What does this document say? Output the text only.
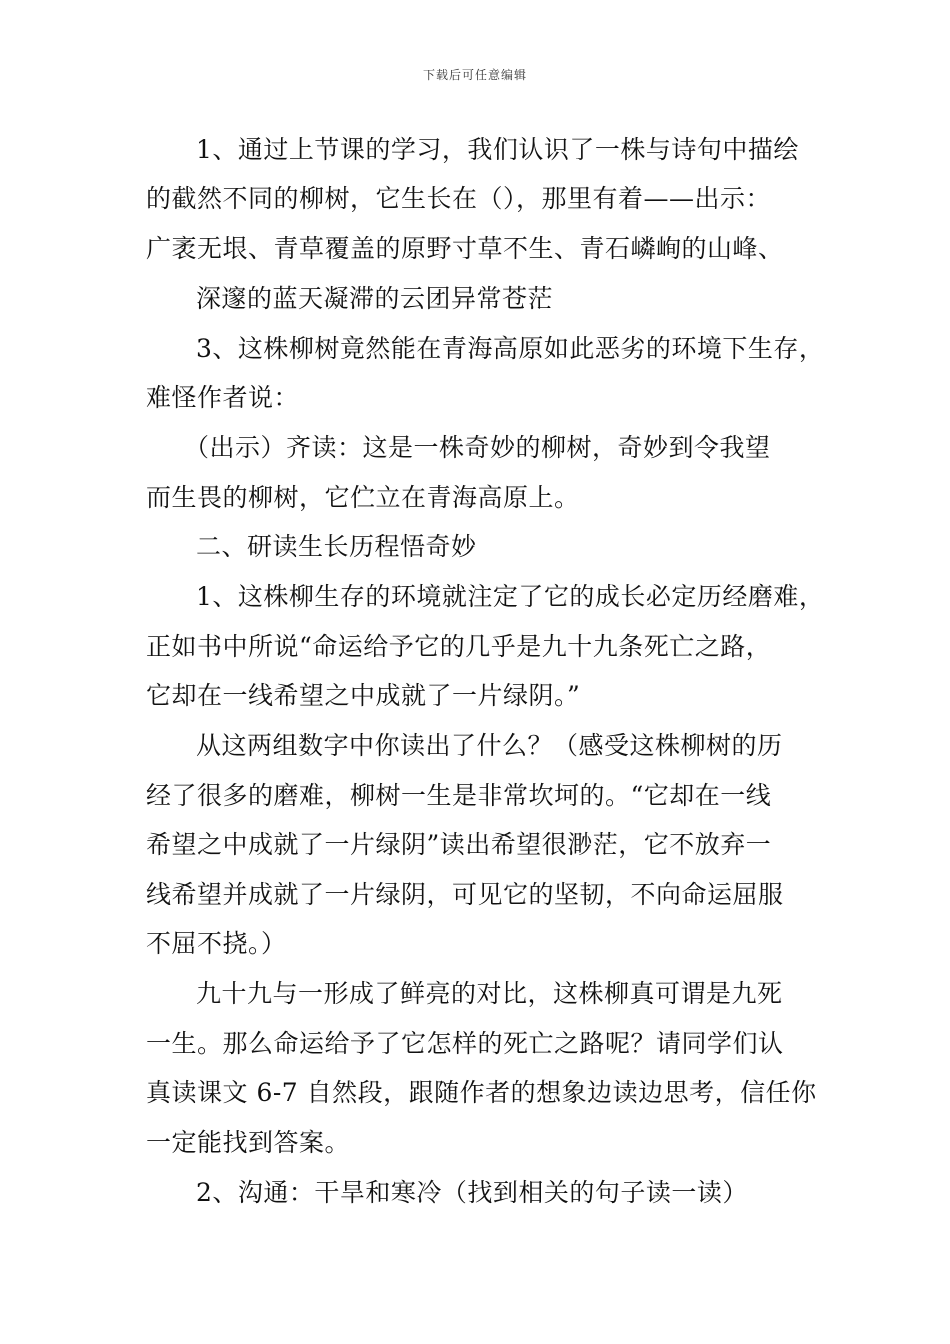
下载后可任意编辑
1、通过上节课的学习，我们认识了一株与诗句中描绘
的截然不同的柳树，它生长在（），那里有着——出示：
广袤无垠、青草覆盖的原野寸草不生、青石嶙峋的山峰、
深邃的蓝天凝滞的云团异常苍茫
3、这株柳树竟然能在青海高原如此恶劣的环境下生存，
难怪作者说：
（出示）齐读：这是一株奇妙的柳树，奇妙到令我望
而生畏的柳树，它伫立在青海高原上。
二、研读生长历程悟奇妙
1、这株柳生存的环境就注定了它的成长必定历经磨难，
正如书中所说“命运给予它的几乎是九十九条死亡之路，
它却在一线希望之中成就了一片绿阴。”
从这两组数字中你读出了什么？（感受这株柳树的历
经了很多的磨难，柳树一生是非常坎坷的。“它却在一线
希望之中成就了一片绿阴”读出希望很渺茫，它不放弃一
线希望并成就了一片绿阴，可见它的坚韧，不向命运屈服
不屈不挠。）
九十九与一形成了鲜亮的对比，这株柳真可谓是九死
一生。那么命运给予了它怎样的死亡之路呢？请同学们认
真读课文 6-7 自然段，跟随作者的想象边读边思考，信任你
一定能找到答案。
2、沟通：干旱和寒冷（找到相关的句子读一读）
